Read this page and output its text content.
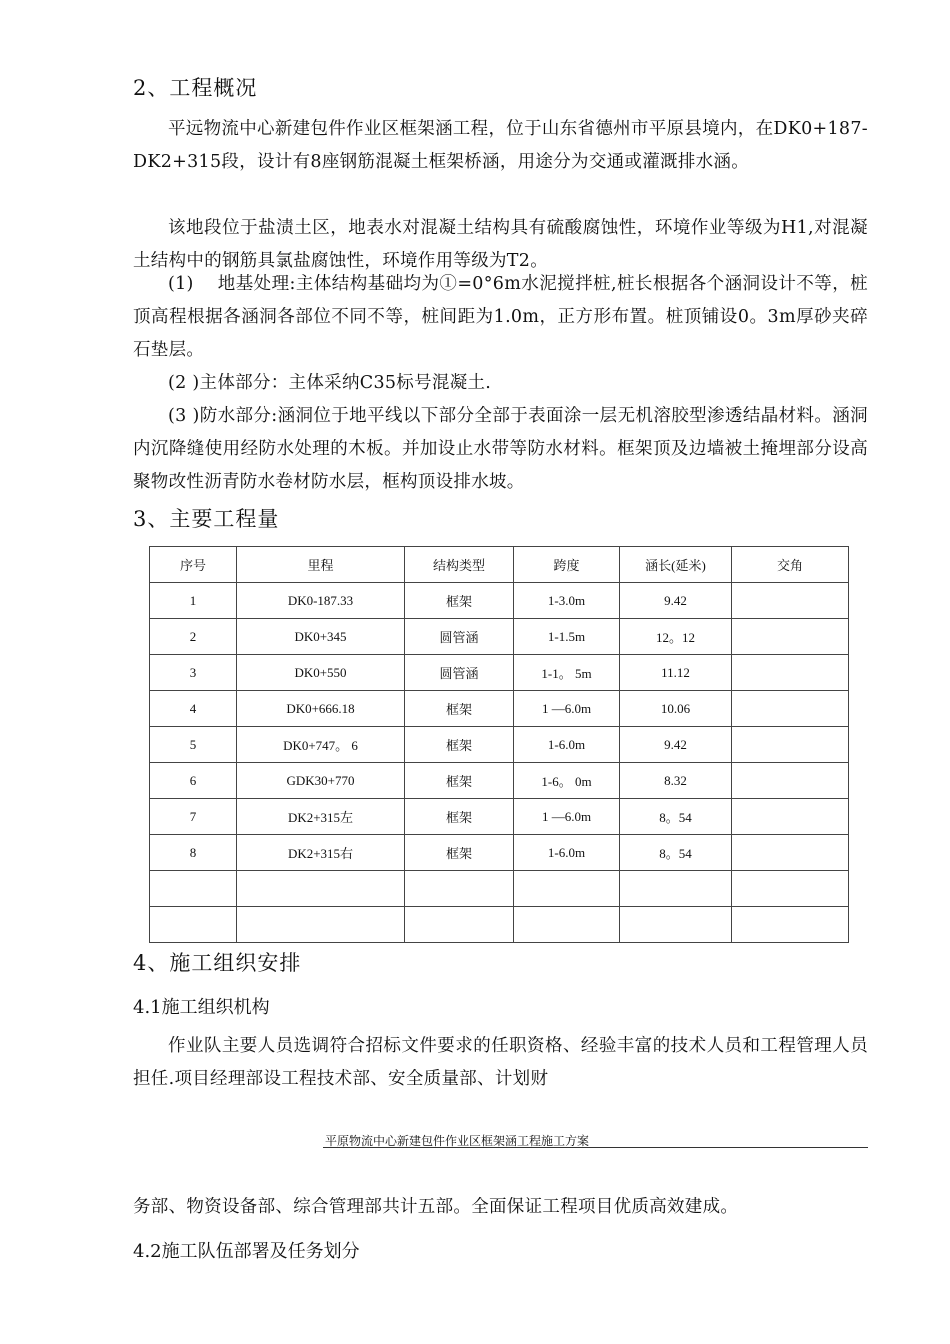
2、工程概况
平远物流中心新建包件作业区框架涵工程，位于山东省德州市平原县境内，在DK0+187-DK2+315段，设计有8座钢筋混凝土框架桥涵，用途分为交通或灌溉排水涵。
该地段位于盐渍土区，地表水对混凝土结构具有硫酸腐蚀性，环境作业等级为H1,对混凝土结构中的钢筋具氯盐腐蚀性，环境作用等级为T2。
(1)　 地基处理:主体结构基础均为①=0°6m水泥搅拌桩,桩长根据各个涵洞设计不等，桩顶高程根据各涵洞各部位不同不等，桩间距为1.0m，正方形布置。桩顶铺设0。3m厚砂夹碎石垫层。
(2 )主体部分：主体采纳C35标号混凝土.
(3 )防水部分:涵洞位于地平线以下部分全部于表面涂一层无机溶胶型渗透结晶材料。涵洞内沉降缝使用经防水处理的木板。并加设止水带等防水材料。框架顶及边墙被土掩埋部分设高聚物改性沥青防水卷材防水层，框构顶设排水坡。
3、主要工程量
序号	里程	结构类型	跨度	涵长(延米)	交角
1	DK0-187.33	框架	1-3.0m	9.42	
2	DK0+345	圆管涵	1-1.5m	12。12	
3	DK0+550	圆管涵	1-1。 5m	11.12	
4	DK0+666.18	框架	1 —6.0m	10.06	
5	DK0+747。 6	框架	1-6.0m	9.42	
6	GDK30+770	框架	1-6。 0m	8.32	
7	DK2+315左	框架	1 —6.0m	8。54	
8	DK2+315右	框架	1-6.0m	8。54	

4、施工组织安排
4.1施工组织机构
作业队主要人员选调符合招标文件要求的任职资格、经验丰富的技术人员和工程管理人员担任.项目经理部设工程技术部、安全质量部、计划财
平原物流中心新建包件作业区框架涵工程施工方案
务部、物资设备部、综合管理部共计五部。全面保证工程项目优质高效建成。
4.2施工队伍部署及任务划分
